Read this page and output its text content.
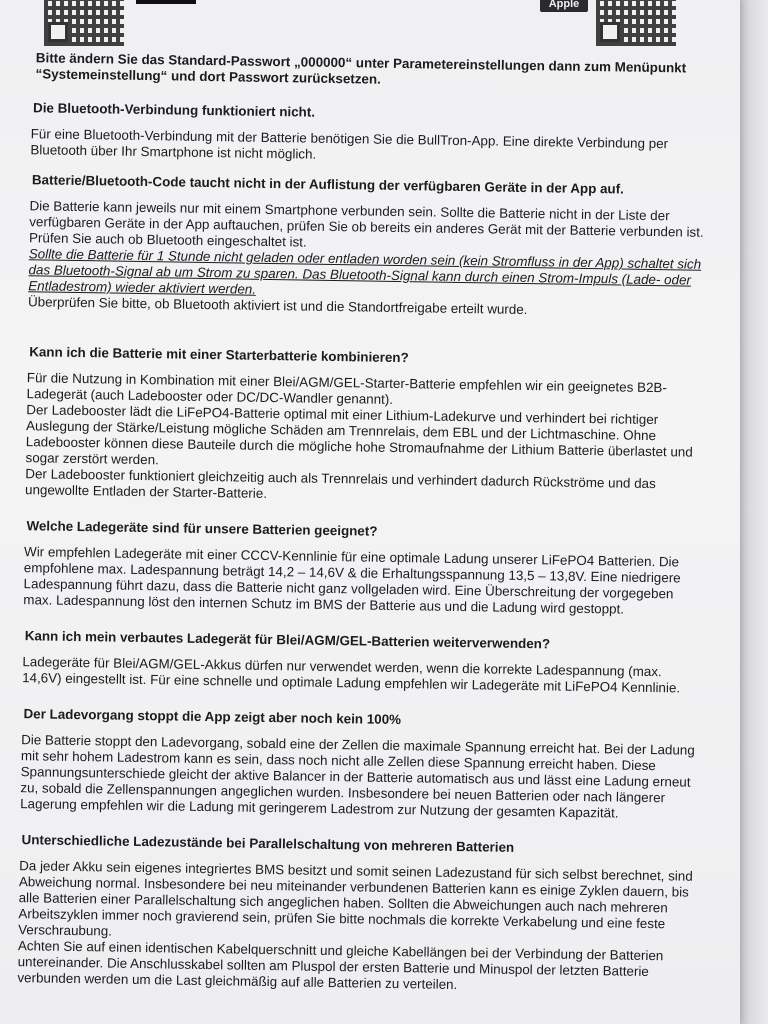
Apple
Bitte ändern Sie das Standard-Passwort „000000“ unter Parametereinstellungen dann zum Menüpunkt “Systemeinstellung“ und dort Passwort zurücksetzen.
Die Bluetooth-Verbindung funktioniert nicht.

Für eine Bluetooth-Verbindung mit der Batterie benötigen Sie die BullTron-App. Eine direkte Verbindung per Bluetooth über Ihr Smartphone ist nicht möglich.

Batterie/Bluetooth-Code taucht nicht in der Auflistung der verfügbaren Geräte in der App auf.

Die Batterie kann jeweils nur mit einem Smartphone verbunden sein. Sollte die Batterie nicht in der Liste der verfügbaren Geräte in der App auftauchen, prüfen Sie ob bereits ein anderes Gerät mit der Batterie verbunden ist. Prüfen Sie auch ob Bluetooth eingeschaltet ist.

Sollte die Batterie für 1 Stunde nicht geladen oder entladen worden sein (kein Stromfluss in der App) schaltet sich das Bluetooth-Signal ab um Strom zu sparen. Das Bluetooth-Signal kann durch einen Strom-Impuls (Lade- oder Entladestrom) wieder aktiviert werden.

Überprüfen Sie bitte, ob Bluetooth aktiviert ist und die Standortfreigabe erteilt wurde.

Kann ich die Batterie mit einer Starterbatterie kombinieren?

Für die Nutzung in Kombination mit einer Blei/AGM/GEL-Starter-Batterie empfehlen wir ein geeignetes B2B-Ladegerät (auch Ladebooster oder DC/DC-Wandler genannt).

Der Ladebooster lädt die LiFePO4-Batterie optimal mit einer Lithium-Ladekurve und verhindert bei richtiger Auslegung der Stärke/Leistung mögliche Schäden am Trennrelais, dem EBL und der Lichtmaschine. Ohne Ladebooster können diese Bauteile durch die mögliche hohe Stromaufnahme der Lithium Batterie überlastet und sogar zerstört werden.

Der Ladebooster funktioniert gleichzeitig auch als Trennrelais und verhindert dadurch Rückströme und das ungewollte Entladen der Starter-Batterie.

Welche Ladegeräte sind für unsere Batterien geeignet?

Wir empfehlen Ladegeräte mit einer CCCV-Kennlinie für eine optimale Ladung unserer LiFePO4 Batterien. Die empfohlene max. Ladespannung beträgt 14,2 – 14,6V & die Erhaltungsspannung 13,5 – 13,8V. Eine niedrigere Ladespannung führt dazu, dass die Batterie nicht ganz vollgeladen wird. Eine Überschreitung der vorgegeben max. Ladespannung löst den internen Schutz im BMS der Batterie aus und die Ladung wird gestoppt.

Kann ich mein verbautes Ladegerät für Blei/AGM/GEL-Batterien weiterverwenden?

Ladegeräte für Blei/AGM/GEL-Akkus dürfen nur verwendet werden, wenn die korrekte Ladespannung (max. 14,6V) eingestellt ist. Für eine schnelle und optimale Ladung empfehlen wir Ladegeräte mit LiFePO4 Kennlinie.

Der Ladevorgang stoppt die App zeigt aber noch kein 100%

Die Batterie stoppt den Ladevorgang, sobald eine der Zellen die maximale Spannung erreicht hat. Bei der Ladung mit sehr hohem Ladestrom kann es sein, dass noch nicht alle Zellen diese Spannung erreicht haben. Diese Spannungsunterschiede gleicht der aktive Balancer in der Batterie automatisch aus und lässt eine Ladung erneut zu, sobald die Zellenspannungen angeglichen wurden. Insbesondere bei neuen Batterien oder nach längerer Lagerung empfehlen wir die Ladung mit geringerem Ladestrom zur Nutzung der gesamten Kapazität.

Unterschiedliche Ladezustände bei Parallelschaltung von mehreren Batterien

Da jeder Akku sein eigenes integriertes BMS besitzt und somit seinen Ladezustand für sich selbst berechnet, sind Abweichung normal. Insbesondere bei neu miteinander verbundenen Batterien kann es einige Zyklen dauern, bis alle Batterien einer Parallelschaltung sich angeglichen haben. Sollten die Abweichungen auch nach mehreren Arbeitszyklen immer noch gravierend sein, prüfen Sie bitte nochmals die korrekte Verkabelung und eine feste Verschraubung.

Achten Sie auf einen identischen Kabelquerschnitt und gleiche Kabellängen bei der Verbindung der Batterien untereinander. Die Anschlusskabel sollten am Pluspol der ersten Batterie und Minuspol der letzten Batterie verbunden werden um die Last gleichmäßig auf alle Batterien zu verteilen.
